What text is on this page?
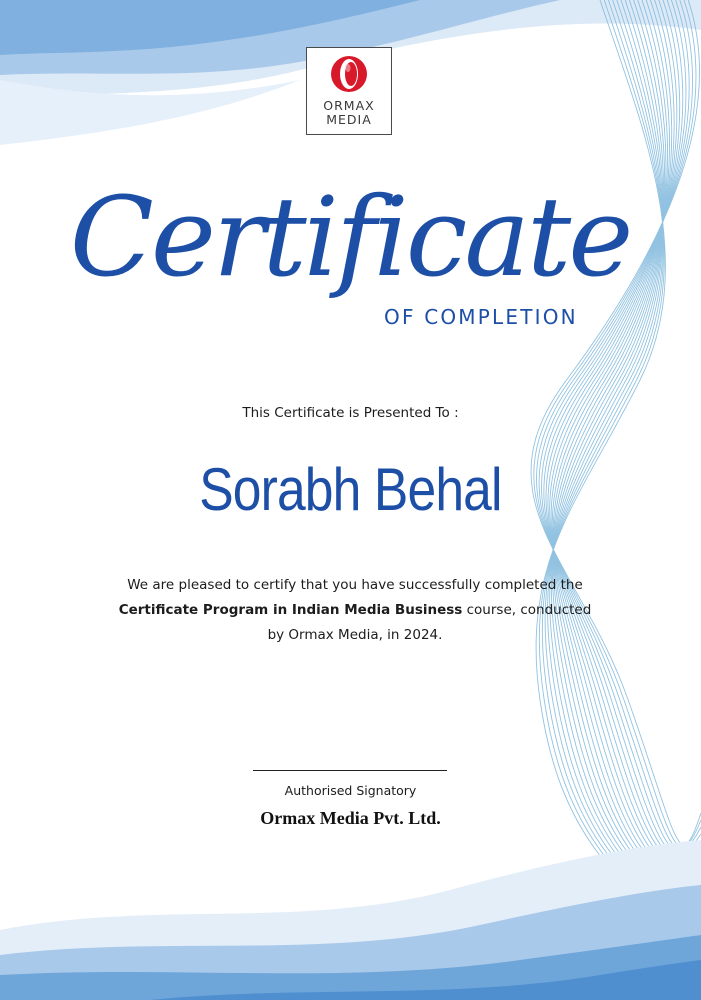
ORMAX
MEDIA
Certificate
OF COMPLETION
This Certificate is Presented To :
Sorabh Behal
We are pleased to certify that you have successfully completed the
Certificate Program in Indian Media Business course, conducted
by Ormax Media, in 2024.
Authorised Signatory
Ormax Media Pvt. Ltd.
